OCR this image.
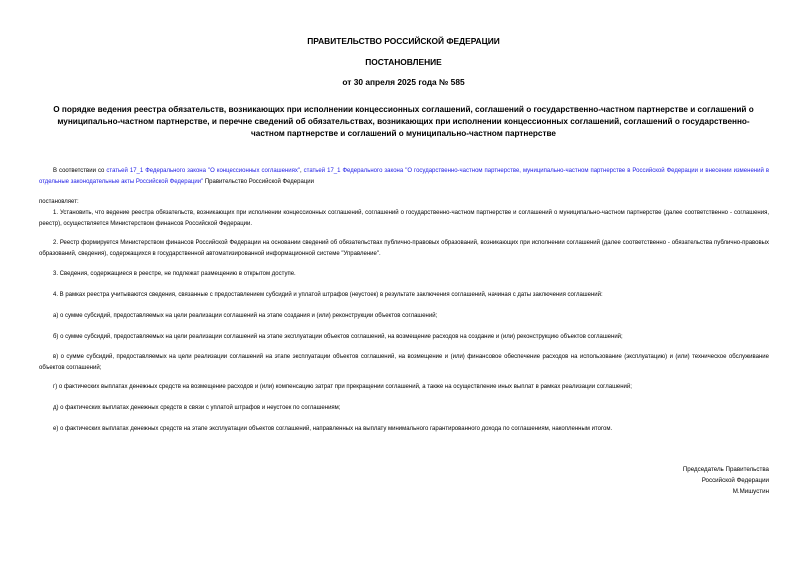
ПРАВИТЕЛЬСТВО РОССИЙСКОЙ ФЕДЕРАЦИИ
ПОСТАНОВЛЕНИЕ
от 30 апреля 2025 года № 585
О порядке ведения реестра обязательств, возникающих при исполнении концессионных соглашений, соглашений о государственно-частном партнерстве и соглашений о муниципально-частном партнерстве, и перечне сведений об обязательствах, возникающих при исполнении концессионных соглашений, соглашений о государственно-частном партнерстве и соглашений о муниципально-частном партнерстве
В соответствии со статьей 17_1 Федерального закона "О концессионных соглашениях", статьей 17_1 Федерального закона "О государственно-частном партнерстве, муниципально-частном партнерстве в Российской Федерации и внесении изменений в отдельные законодательные акты Российской Федерации" Правительство Российской Федерации
постановляет:
1. Установить, что ведение реестра обязательств, возникающих при исполнении концессионных соглашений, соглашений о государственно-частном партнерстве и соглашений о муниципально-частном партнерстве (далее соответственно - соглашения, реестр), осуществляется Министерством финансов Российской Федерации.
2. Реестр формируется Министерством финансов Российской Федерации на основании сведений об обязательствах публично-правовых образований, возникающих при исполнении соглашений (далее соответственно - обязательства публично-правовых образований, сведения), содержащихся в государственной автоматизированной информационной системе "Управление".
3. Сведения, содержащиеся в реестре, не подлежат размещению в открытом доступе.
4. В рамках реестра учитываются сведения, связанные с предоставлением субсидий и уплатой штрафов (неустоек) в результате заключения соглашений, начиная с даты заключения соглашений:
а) о сумме субсидий, предоставляемых на цели реализации соглашений на этапе создания и (или) реконструкции объектов соглашений;
б) о сумме субсидий, предоставляемых на цели реализации соглашений на этапе эксплуатации объектов соглашений, на возмещение расходов на создание и (или) реконструкцию объектов соглашений;
в) о сумме субсидий, предоставляемых на цели реализации соглашений на этапе эксплуатации объектов соглашений, на возмещение и (или) финансовое обеспечение расходов на использование (эксплуатацию) и (или) техническое обслуживание объектов соглашений;
г) о фактических выплатах денежных средств на возмещение расходов и (или) компенсацию затрат при прекращении соглашений, а также на осуществление иных выплат в рамках реализации соглашений;
д) о фактических выплатах денежных средств в связи с уплатой штрафов и неустоек по соглашениям;
е) о фактических выплатах денежных средств на этапе эксплуатации объектов соглашений, направленных на выплату минимального гарантированного дохода по соглашениям, накопленным итогом.
Председатель Правительства
Российской Федерации
М.Мишустин
